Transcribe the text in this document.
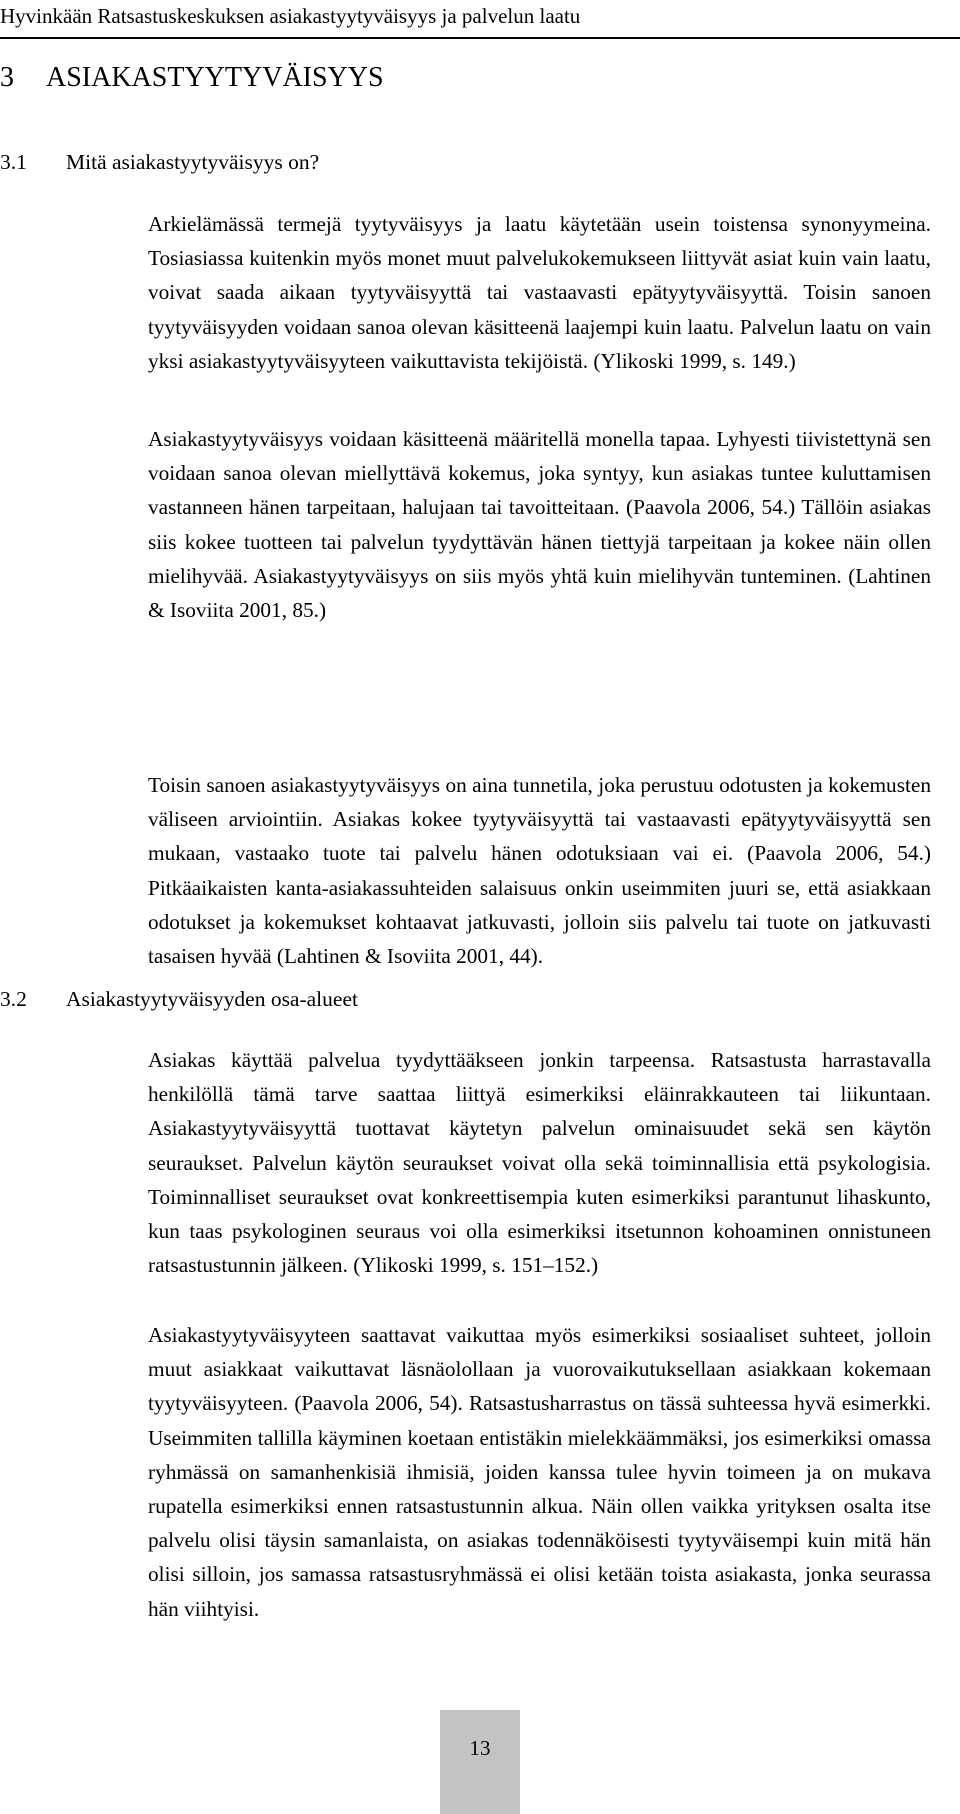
Hyvinkään Ratsastuskeskuksen asiakastyytyväisyys ja palvelun laatu
3 ASIAKASTYYTYVÄISYYS
3.1 Mitä asiakastyytyväisyys on?

Arkielämässä termejä tyytyväisyys ja laatu käytetään usein toistensa synonyymeina. Tosiasiassa kuitenkin myös monet muut palvelukokemukseen liittyvät asiat kuin vain laatu, voivat saada aikaan tyytyväisyyttä tai vastaavasti epätyytyväisyyttä. Toisin sanoen tyytyväisyyden voidaan sanoa olevan käsitteenä laajempi kuin laatu. Palvelun laatu on vain yksi asiakastyytyväisyyteen vaikuttavista tekijöistä. (Ylikoski 1999, s. 149.)

Asiakastyytyväisyys voidaan käsitteenä määritellä monella tapaa. Lyhyesti tiivistettynä sen voidaan sanoa olevan miellyttävä kokemus, joka syntyy, kun asiakas tuntee kuluttamisen vastanneen hänen tarpeitaan, halujaan tai tavoitteitaan. (Paavola 2006, 54.) Tällöin asiakas siis kokee tuotteen tai palvelun tyydyttävän hänen tiettyjä tarpeitaan ja kokee näin ollen mielihyvää. Asiakastyytyväisyys on siis myös yhtä kuin mielihyvän tunteminen. (Lahtinen & Isoviita 2001, 85.)

Toisin sanoen asiakastyytyväisyys on aina tunnetila, joka perustuu odotusten ja kokemusten väliseen arviointiin. Asiakas kokee tyytyväisyyttä tai vastaavasti epätyytyväisyyttä sen mukaan, vastaako tuote tai palvelu hänen odotuksiaan vai ei. (Paavola 2006, 54.) Pitkäaikaisten kanta-asiakassuhteiden salaisuus onkin useimmiten juuri se, että asiakkaan odotukset ja kokemukset kohtaavat jatkuvasti, jolloin siis palvelu tai tuote on jatkuvasti tasaisen hyvää (Lahtinen & Isoviita 2001, 44).

3.2 Asiakastyytyväisyyden osa-alueet

Asiakas käyttää palvelua tyydyttääkseen jonkin tarpeensa. Ratsastusta harrastavalla henkilöllä tämä tarve saattaa liittyä esimerkiksi eläinrakkauteen tai liikuntaan. Asiakastyytyväisyyttä tuottavat käytetyn palvelun ominaisuudet sekä sen käytön seuraukset. Palvelun käytön seuraukset voivat olla sekä toiminnallisia että psykologisia. Toiminnalliset seuraukset ovat konkreettisempia kuten esimerkiksi parantunut lihaskunto, kun taas psykologinen seuraus voi olla esimerkiksi itsetunnon kohoaminen onnistuneen ratsastustunnin jälkeen. (Ylikoski 1999, s. 151–152.)

Asiakastyytyväisyyteen saattavat vaikuttaa myös esimerkiksi sosiaaliset suhteet, jolloin muut asiakkaat vaikuttavat läsnäolollaan ja vuorovaikutuksellaan asiakkaan kokemaan tyytyväisyyteen. (Paavola 2006, 54). Ratsastusharrastus on tässä suhteessa hyvä esimerkki. Useimmiten tallilla käyminen koetaan entistäkin mielekkäämmäksi, jos esimerkiksi omassa ryhmässä on samanhenkisiä ihmisiä, joiden kanssa tulee hyvin toimeen ja on mukava rupatella esimerkiksi ennen ratsastustunnin alkua. Näin ollen vaikka yrityksen osalta itse palvelu olisi täysin samanlaista, on asiakas todennäköisesti tyytyväisempi kuin mitä hän olisi silloin, jos samassa ratsastusryhmässä ei olisi ketään toista asiakasta, jonka seurassa hän viihtyisi.

13
